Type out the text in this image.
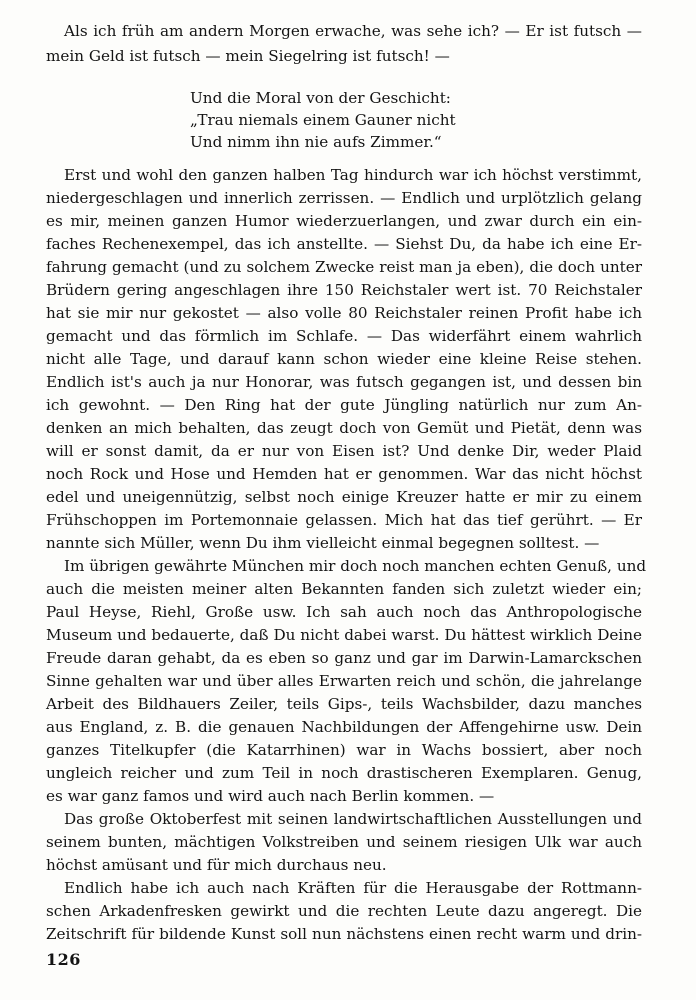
Als ich früh am andern Morgen erwache, was sehe ich? — Er ist futsch —
mein Geld ist futsch — mein Siegelring ist futsch! —
Und die Moral von der Geschicht:
„Trau niemals einem Gauner nicht
Und nimm ihn nie aufs Zimmer.“
Erst und wohl den ganzen halben Tag hindurch war ich höchst verstimmt,
niedergeschlagen und innerlich zerrissen. — Endlich und urplötzlich gelang
es mir, meinen ganzen Humor wiederzuerlangen, und zwar durch ein ein-
faches Rechenexempel, das ich anstellte. — Siehst Du, da habe ich eine Er-
fahrung gemacht (und zu solchem Zwecke reist man ja eben), die doch unter
Brüdern gering angeschlagen ihre 150 Reichstaler wert ist. 70 Reichstaler
hat sie mir nur gekostet — also volle 80 Reichstaler reinen Profit habe ich
gemacht und das förmlich im Schlafe. — Das widerfährt einem wahrlich
nicht alle Tage, und darauf kann schon wieder eine kleine Reise stehen.
Endlich ist's auch ja nur Honorar, was futsch gegangen ist, und dessen bin
ich gewohnt. — Den Ring hat der gute Jüngling natürlich nur zum An-
denken an mich behalten, das zeugt doch von Gemüt und Pietät, denn was
will er sonst damit, da er nur von Eisen ist? Und denke Dir, weder Plaid
noch Rock und Hose und Hemden hat er genommen. War das nicht höchst
edel und uneigennützig, selbst noch einige Kreuzer hatte er mir zu einem
Frühschoppen im Portemonnaie gelassen. Mich hat das tief gerührt. — Er
nannte sich Müller, wenn Du ihm vielleicht einmal begegnen solltest. —
Im übrigen gewährte München mir doch noch manchen echten Genuß, und
auch die meisten meiner alten Bekannten fanden sich zuletzt wieder ein;
Paul Heyse, Riehl, Große usw. Ich sah auch noch das Anthropologische
Museum und bedauerte, daß Du nicht dabei warst. Du hättest wirklich Deine
Freude daran gehabt, da es eben so ganz und gar im Darwin-Lamarckschen
Sinne gehalten war und über alles Erwarten reich und schön, die jahrelange
Arbeit des Bildhauers Zeiler, teils Gips-, teils Wachsbilder, dazu manches
aus England, z. B. die genauen Nachbildungen der Affengehirne usw. Dein
ganzes Titelkupfer (die Katarrhinen) war in Wachs bossiert, aber noch
ungleich reicher und zum Teil in noch drastischeren Exemplaren. Genug,
es war ganz famos und wird auch nach Berlin kommen. —
Das große Oktoberfest mit seinen landwirtschaftlichen Ausstellungen und
seinem bunten, mächtigen Volkstreiben und seinem riesigen Ulk war auch
höchst amüsant und für mich durchaus neu.
Endlich habe ich auch nach Kräften für die Herausgabe der Rottmann-
schen Arkadenfresken gewirkt und die rechten Leute dazu angeregt. Die
Zeitschrift für bildende Kunst soll nun nächstens einen recht warm und drin-
126
